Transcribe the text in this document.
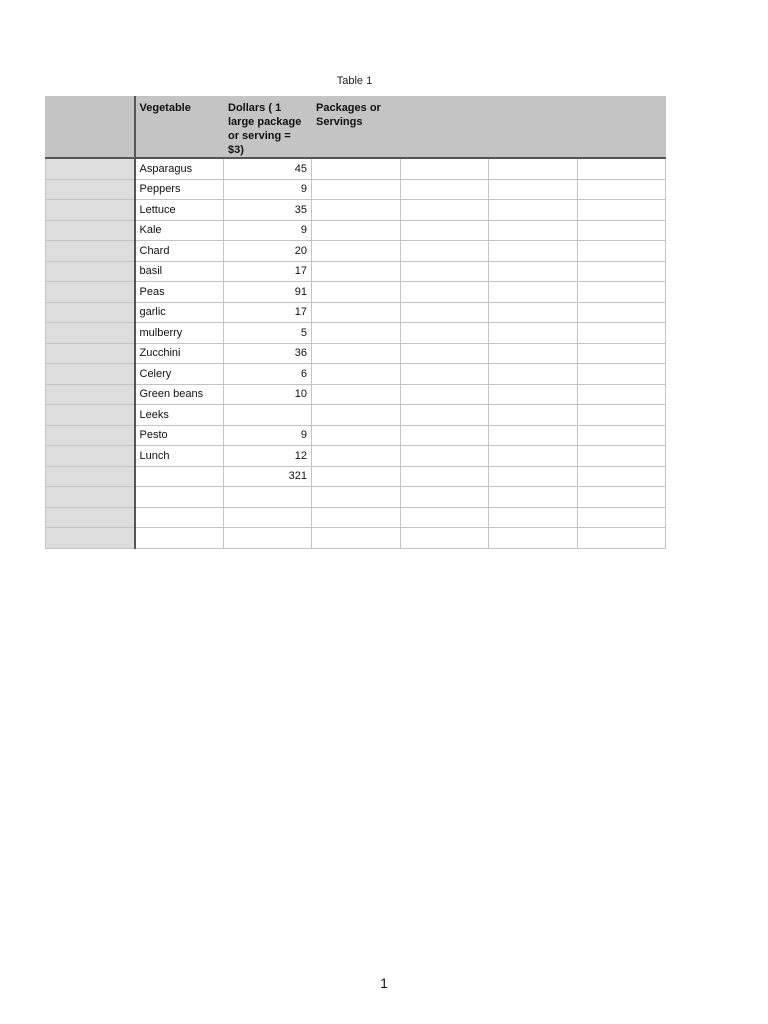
Table 1
	Vegetable	Dollars ( 1 large package or serving = $3)	Packages or Servings			
	Asparagus	45				
	Peppers	9				
	Lettuce	35				
	Kale	9				
	Chard	20				
	basil	17				
	Peas	91				
	garlic	17				
	mulberry	5				
	Zucchini	36				
	Celery	6				
	Green beans	10				
	Leeks					
	Pesto	9				
	Lunch	12				
		321				

1
